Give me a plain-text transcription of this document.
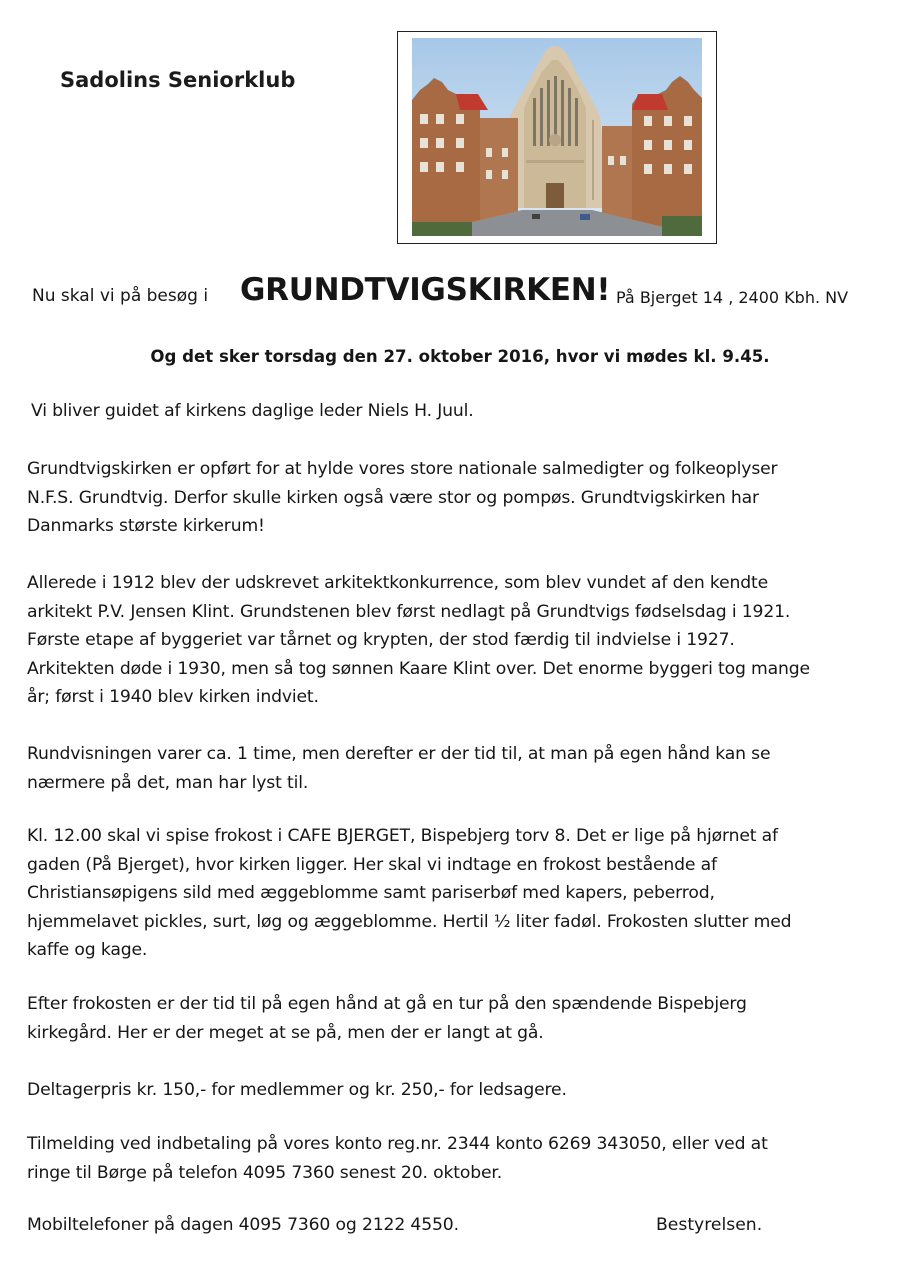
Sadolins Seniorklub
Nu skal vi på besøg i GRUNDTVIGSKIRKEN! På Bjerget 14 , 2400 Kbh. NV
Og det sker torsdag den 27. oktober 2016, hvor vi mødes kl. 9.45.
Vi bliver guidet af kirkens daglige leder Niels H. Juul.
Grundtvigskirken er opført for at hylde vores store nationale salmedigter og folkeoplyser
N.F.S. Grundtvig. Derfor skulle kirken også være stor og pompøs. Grundtvigskirken har
Danmarks største kirkerum!
Allerede i 1912 blev der udskrevet arkitektkonkurrence, som blev vundet af den kendte
arkitekt P.V. Jensen Klint. Grundstenen blev først nedlagt på Grundtvigs fødselsdag i 1921.
Første etape af byggeriet var tårnet og krypten, der stod færdig til indvielse i 1927.
Arkitekten døde i 1930, men så tog sønnen Kaare Klint over. Det enorme byggeri tog mange
år; først i 1940 blev kirken indviet.
Rundvisningen varer ca. 1 time, men derefter er der tid til, at man på egen hånd kan se
nærmere på det, man har lyst til.
Kl. 12.00 skal vi spise frokost i CAFE BJERGET, Bispebjerg torv 8. Det er lige på hjørnet af
gaden (På Bjerget), hvor kirken ligger. Her skal vi indtage en frokost bestående af
Christiansøpigens sild med æggeblomme samt pariserbøf med kapers, peberrod,
hjemmelavet pickles, surt, løg og æggeblomme. Hertil ½ liter fadøl. Frokosten slutter med
kaffe og kage.
Efter frokosten er der tid til på egen hånd at gå en tur på den spændende Bispebjerg
kirkegård. Her er der meget at se på, men der er langt at gå.
Deltagerpris kr. 150,- for medlemmer og kr. 250,- for ledsagere.
Tilmelding ved indbetaling på vores konto reg.nr. 2344 konto 6269 343050, eller ved at
ringe til Børge på telefon 4095 7360 senest 20. oktober.
Mobiltelefoner på dagen 4095 7360 og 2122 4550.	Bestyrelsen.
